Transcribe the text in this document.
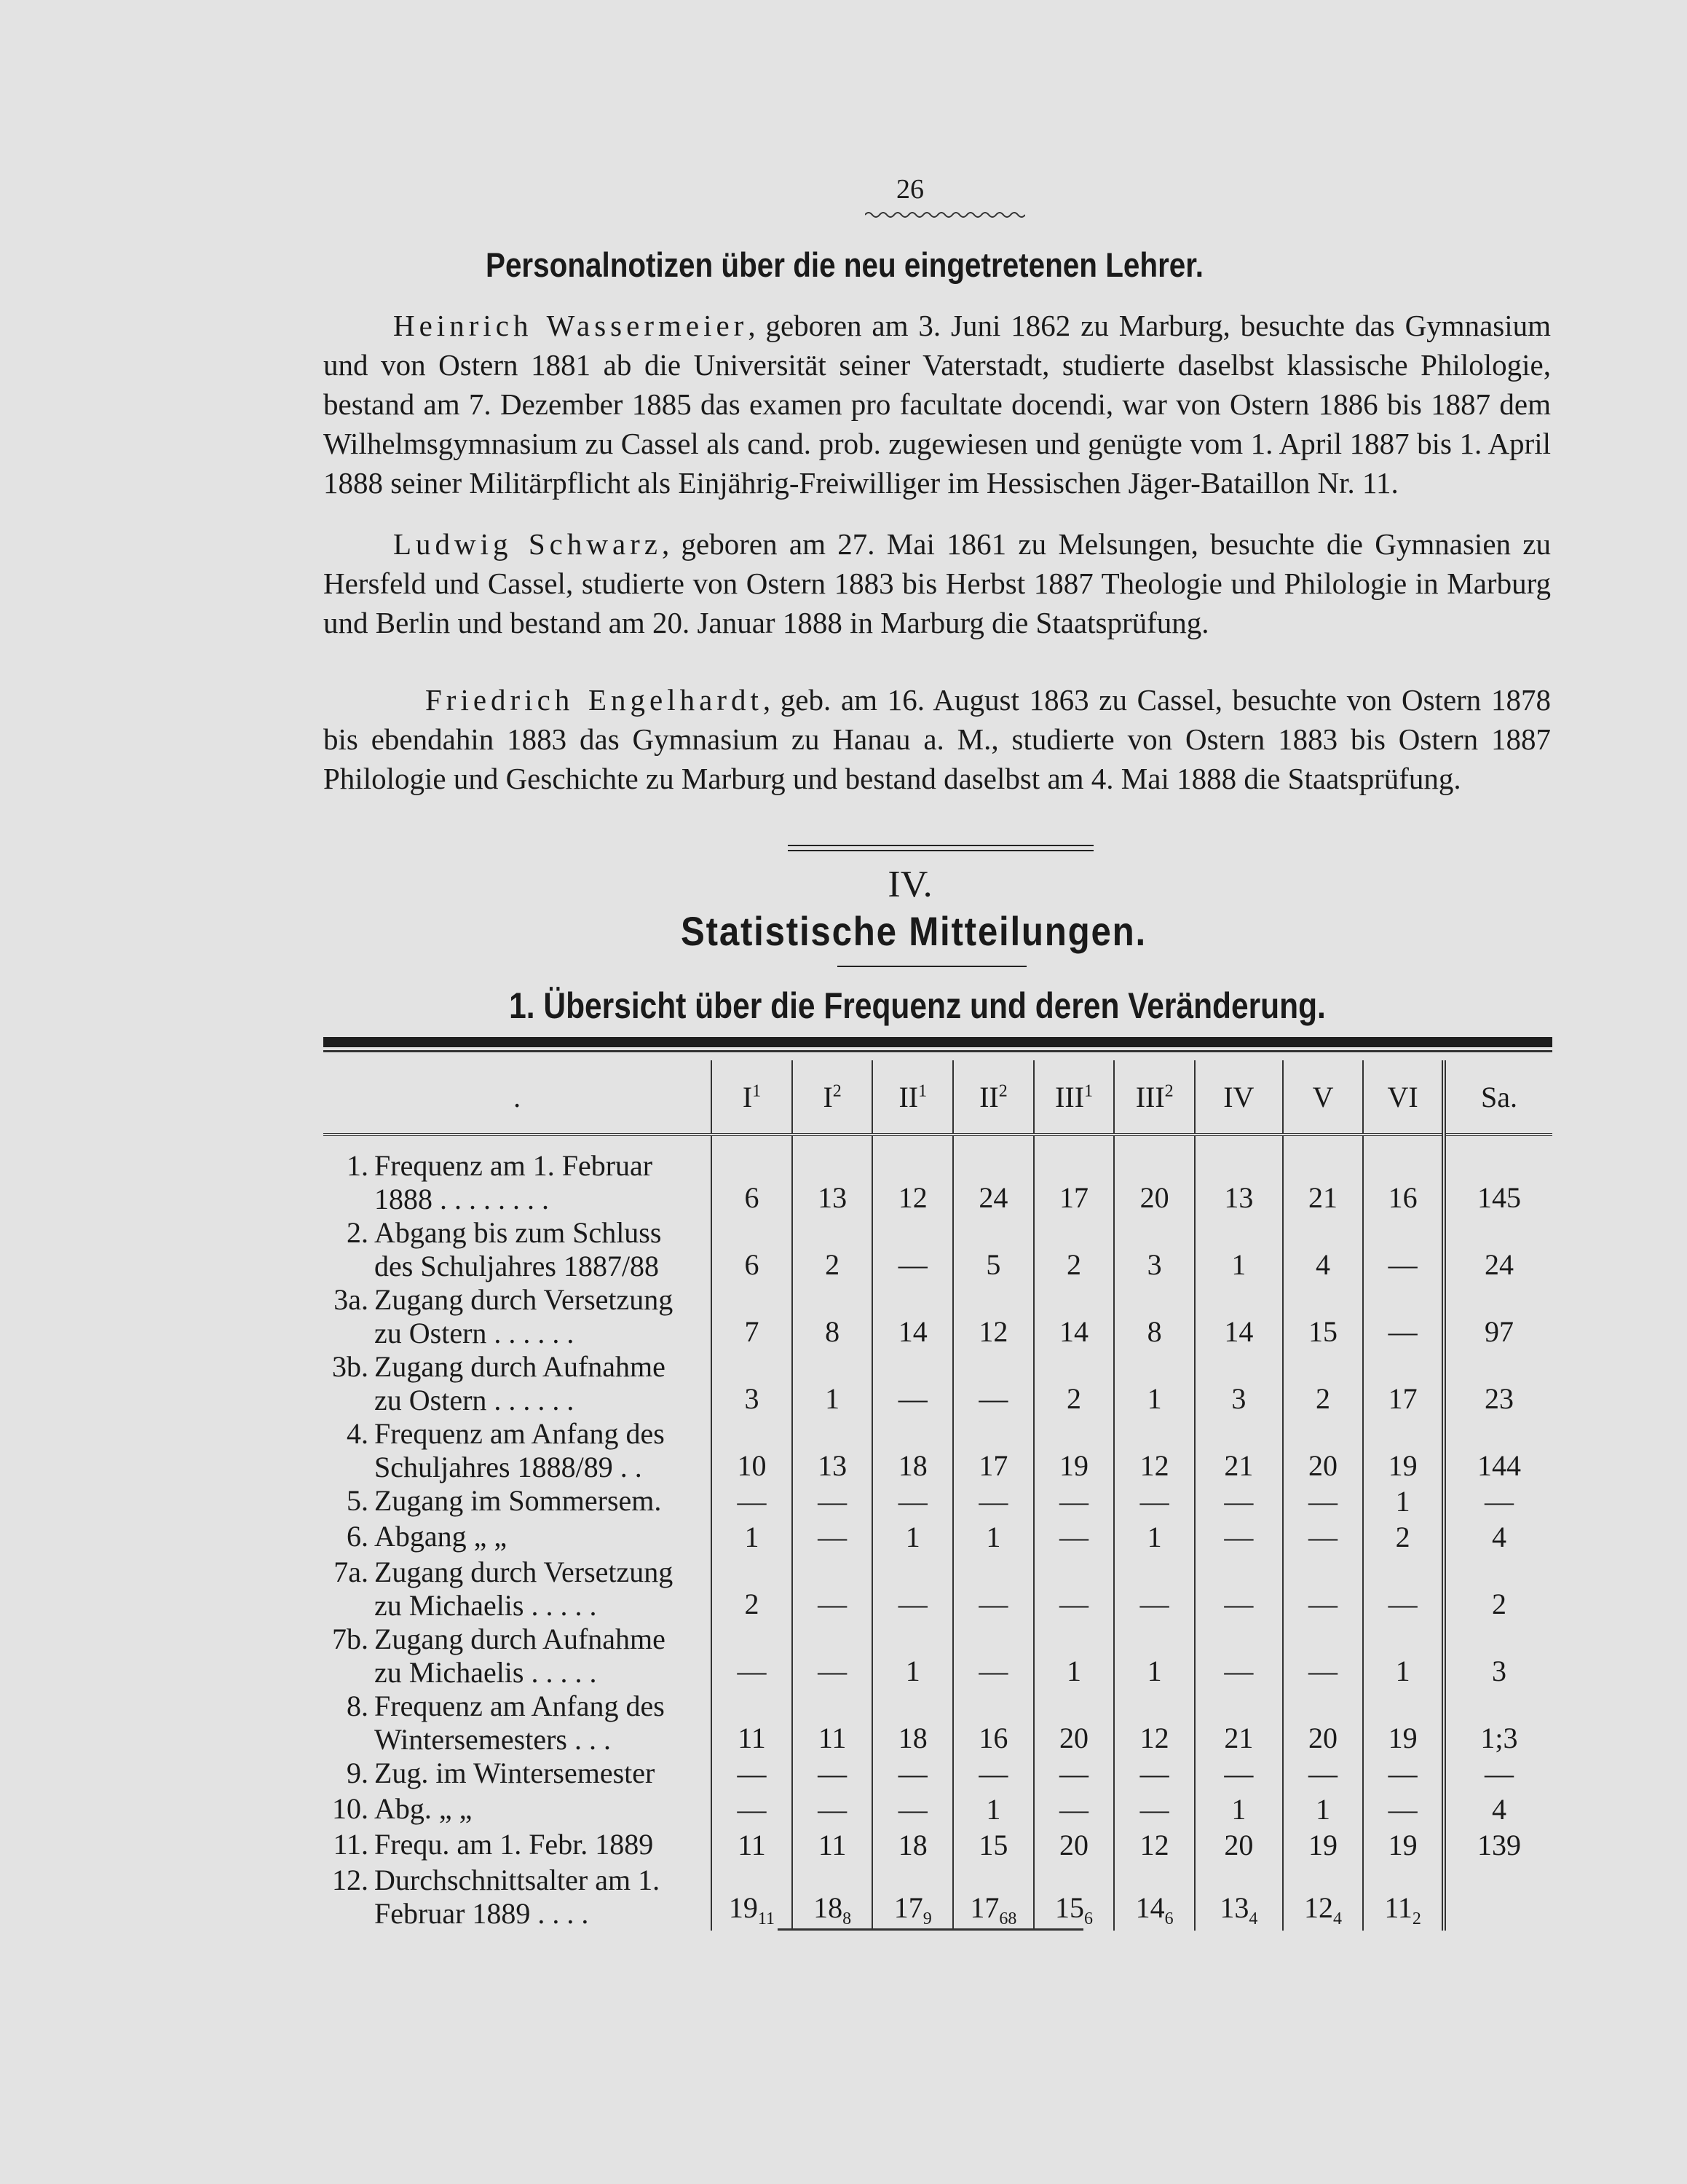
26
Personalnotizen über die neu eingetretenen Lehrer.

Heinrich Wassermeier, geboren am 3. Juni 1862 zu Marburg, besuchte das Gymnasium und von Ostern 1881 ab die Universität seiner Vaterstadt, studierte daselbst klassische Philologie, bestand am 7. Dezember 1885 das examen pro facultate docendi, war von Ostern 1886 bis 1887 dem Wilhelmsgymnasium zu Cassel als cand. prob. zugewiesen und genügte vom 1. April 1887 bis 1. April 1888 seiner Militärpflicht als Einjährig-Freiwilliger im Hessischen Jäger-Bataillon Nr. 11.

Ludwig Schwarz, geboren am 27. Mai 1861 zu Melsungen, besuchte die Gymnasien zu Hersfeld und Cassel, studierte von Ostern 1883 bis Herbst 1887 Theologie und Philologie in Marburg und Berlin und bestand am 20. Januar 1888 in Marburg die Staatsprüfung.

Friedrich Engelhardt, geb. am 16. August 1863 zu Cassel, besuchte von Ostern 1878 bis ebendahin 1883 das Gymnasium zu Hanau a. M., studierte von Ostern 1883 bis Ostern 1887 Philologie und Geschichte zu Marburg und bestand daselbst am 4. Mai 1888 die Staatsprüfung.

IV.
Statistische Mitteilungen.
1. Übersicht über die Frequenz und deren Veränderung.
.	$I^1$	$I^2$	$II^1$	$II^2$	III$^1$	III$^2$	IV	V	VI	Sa.
1. Frequenz am 1. Februar
1888 . . . . . . . .	6	13	12	24	17	20	13	21	16	145
2. Abgang bis zum Schluss
des Schuljahres 1887/88	6	2	—	5	2	3	1	4	—	24
3a. Zugang durch Versetzung
zu Ostern . . . . . .	7	8	14	12	14	8	14	15	—	97
3b. Zugang durch Aufnahme
zu Ostern . . . . . .	3	1	—	—	2	1	3	2	17	23
4. Frequenz am Anfang des
Schuljahres 1888/89 . .	10	13	18	17	19	12	21	20	19	144
5. Zugang im Sommersem.	—	—	—	—	—	—	—	—	1	—
6. Abgang „ „	1	—	1	1	—	1	—	—	2	4
7a. Zugang durch Versetzung
zu Michaelis . . . . .	2	—	—	—	—	—	—	—	—	2
7b. Zugang durch Aufnahme
zu Michaelis . . . . .	—	—	1	—	1	1	—	—	1	3
8. Frequenz am Anfang des
Wintersemesters . . .	11	11	18	16	20	12	21	20	19	1;3
9. Zug. im Wintersemester	—	—	—	—	—	—	—	—	—	—
10. Abg. „ „	—	—	—	1	—	—	1	1	—	4
11. Frequ. am 1. Febr. 1889	11	11	18	15	20	12	20	19	19	139
12. Durchschnittsalter am 1.
Februar 1889 . . . .	$19_{11}$	$18_8$	$17_9$	$17_{68}$	$15_6$	$14_6$	$13_4$	$12_4$	$11_2$	
